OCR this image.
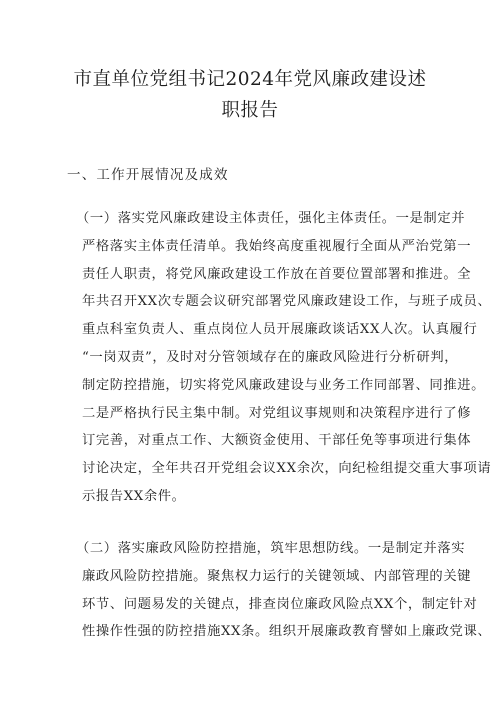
市直单位党组书记2024年党风廉政建设述
职报告
一、工作开展情况及成效
（一）落实党风廉政建设主体责任，强化主体责任。一是制定并
严格落实主体责任清单。我始终高度重视履行全面从严治党第一
责任人职责，将党风廉政建设工作放在首要位置部署和推进。全
年共召开XX次专题会议研究部署党风廉政建设工作，与班子成员、
重点科室负责人、重点岗位人员开展廉政谈话XX人次。认真履行
“一岗双责”，及时对分管领域存在的廉政风险进行分析研判，
制定防控措施，切实将党风廉政建设与业务工作同部署、同推进。
二是严格执行民主集中制。对党组议事规则和决策程序进行了修
订完善，对重点工作、大额资金使用、干部任免等事项进行集体
讨论决定，全年共召开党组会议XX余次，向纪检组提交重大事项请
示报告XX余件。
（二）落实廉政风险防控措施，筑牢思想防线。一是制定并落实
廉政风险防控措施。聚焦权力运行的关键领域、内部管理的关键
环节、问题易发的关键点，排查岗位廉政风险点XX个，制定针对
性操作性强的防控措施XX条。组织开展廉政教育譬如上廉政党课、
